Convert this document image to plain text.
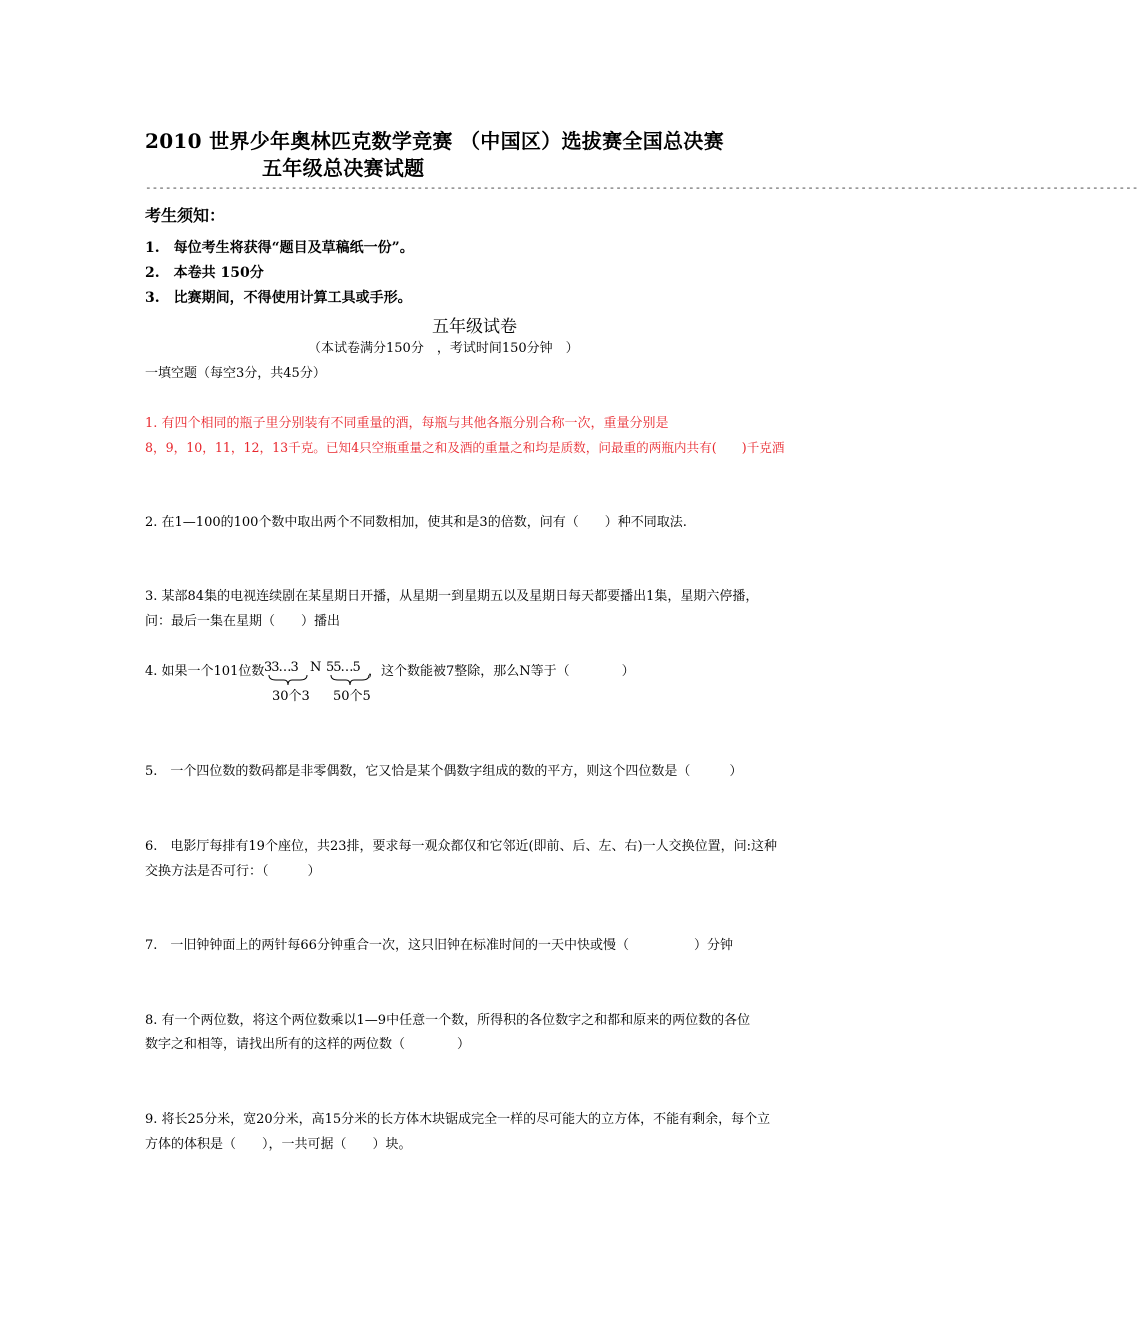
2010 世界少年奥林匹克数学竞赛 （中国区）选拔赛全国总决赛
五年级总决赛试题
------------------------------------------------------------------------------------------------------------------------------------------------------
考生须知：
1.　每位考生将获得“题目及草稿纸一份”。
2.　本卷共 150分
3.　比赛期间，不得使用计算工具或手形。
五年级试卷
（本试卷满分150分　，考试时间150分钟　）
一填空题（每空3分，共45分）
1. 有四个相同的瓶子里分别装有不同重量的酒，每瓶与其他各瓶分别合称一次，重量分别是
8，9，10，11，12，13千克。已知4只空瓶重量之和及酒的重量之和均是质数，问最重的两瓶内共有(　　)千克酒
2. 在1—100的100个数中取出两个不同数相加，使其和是3的倍数，问有（　　）种不同取法.
3. 某部84集的电视连续剧在某星期日开播，从星期一到星期五以及星期日每天都要播出1集，星期六停播，
问：最后一集在星期（　　）播出
4. 如果一个101位数 33…3 N 55…5 ，这个数能被7整除，那么N等于（　　　　）
30个3 50个5
5.　一个四位数的数码都是非零偶数，它又恰是某个偶数字组成的数的平方，则这个四位数是（　　　）
6.　电影厅每排有19个座位，共23排，要求每一观众都仅和它邻近(即前、后、左、右)一人交换位置，问:这种
交换方法是否可行：（　　　）
7.　一旧钟钟面上的两针每66分钟重合一次，这只旧钟在标准时间的一天中快或慢（　　　　　）分钟
8. 有一个两位数，将这个两位数乘以1—9中任意一个数，所得积的各位数字之和都和原来的两位数的各位
数字之和相等，请找出所有的这样的两位数（　　　　）
9. 将长25分米，宽20分米，高15分米的长方体木块锯成完全一样的尽可能大的立方体，不能有剩余，每个立
方体的体积是（　　），一共可据（　　）块。
